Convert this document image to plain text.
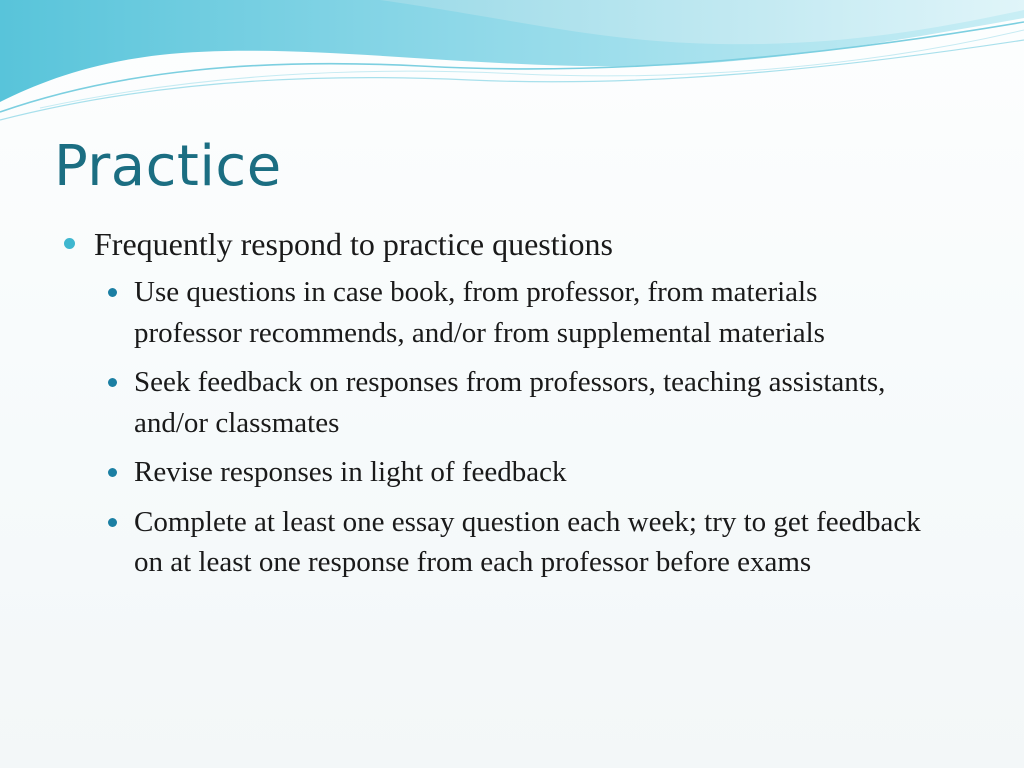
Practice
Frequently respond to practice questions
Use questions in case book, from professor, from materials professor recommends, and/or from supplemental materials
Seek feedback on responses from professors, teaching assistants, and/or classmates
Revise responses in light of feedback
Complete at least one essay question each week; try to get feedback on at least one response from each professor before exams
